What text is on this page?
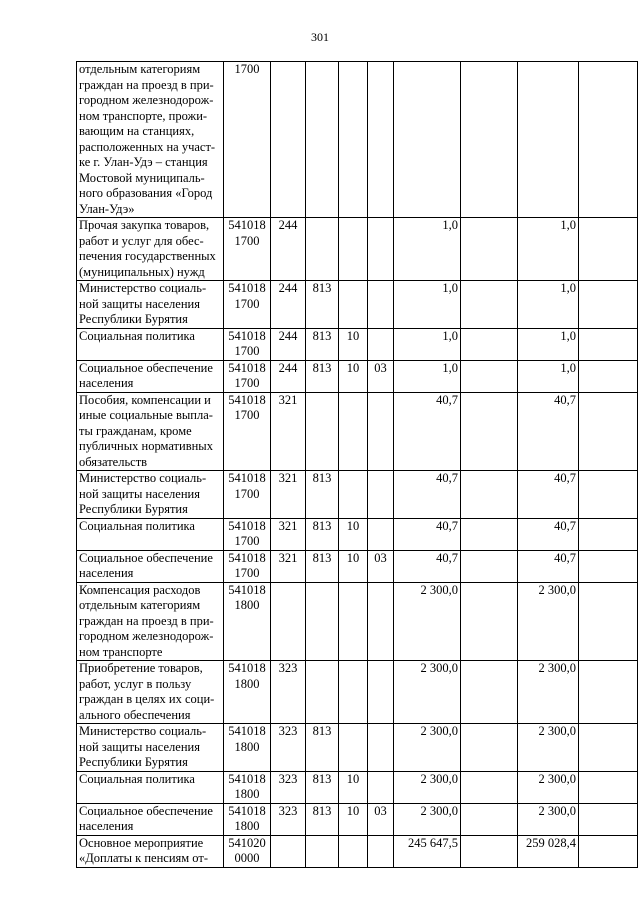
301
отдельным категориям граждан на проезд в при-городном железнодорож-ном транспорте, прожи-вающим на станциях, расположенных на участ-ке г. Улан-Удэ – станция Мостовой муниципаль-ного образования «Город Улан-Удэ»	1700								
Прочая закупка товаров, работ и услуг для обес-печения государственных (муниципальных) нужд	541018 1700	244				1,0		1,0	
Министерство социаль-ной защиты населения Республики Бурятия	541018 1700	244	813			1,0		1,0	
Социальная политика	541018 1700	244	813	10		1,0		1,0	
Социальное обеспечение населения	541018 1700	244	813	10	03	1,0		1,0	
Пособия, компенсации и иные социальные выпла-ты гражданам, кроме публичных нормативных обязательств	541018 1700	321				40,7		40,7	
Министерство социаль-ной защиты населения Республики Бурятия	541018 1700	321	813			40,7		40,7	
Социальная политика	541018 1700	321	813	10		40,7		40,7	
Социальное обеспечение населения	541018 1700	321	813	10	03	40,7		40,7	
Компенсация расходов отдельным категориям граждан на проезд в при-городном железнодорож-ном транспорте	541018 1800					2 300,0		2 300,0	
Приобретение товаров, работ, услуг в пользу граждан в целях их соци-ального обеспечения	541018 1800	323				2 300,0		2 300,0	
Министерство социаль-ной защиты населения Республики Бурятия	541018 1800	323	813			2 300,0		2 300,0	
Социальная политика	541018 1800	323	813	10		2 300,0		2 300,0	
Социальное обеспечение населения	541018 1800	323	813	10	03	2 300,0		2 300,0	
Основное мероприятие «Доплаты к пенсиям от-	541020 0000					245 647,5		259 028,4	
